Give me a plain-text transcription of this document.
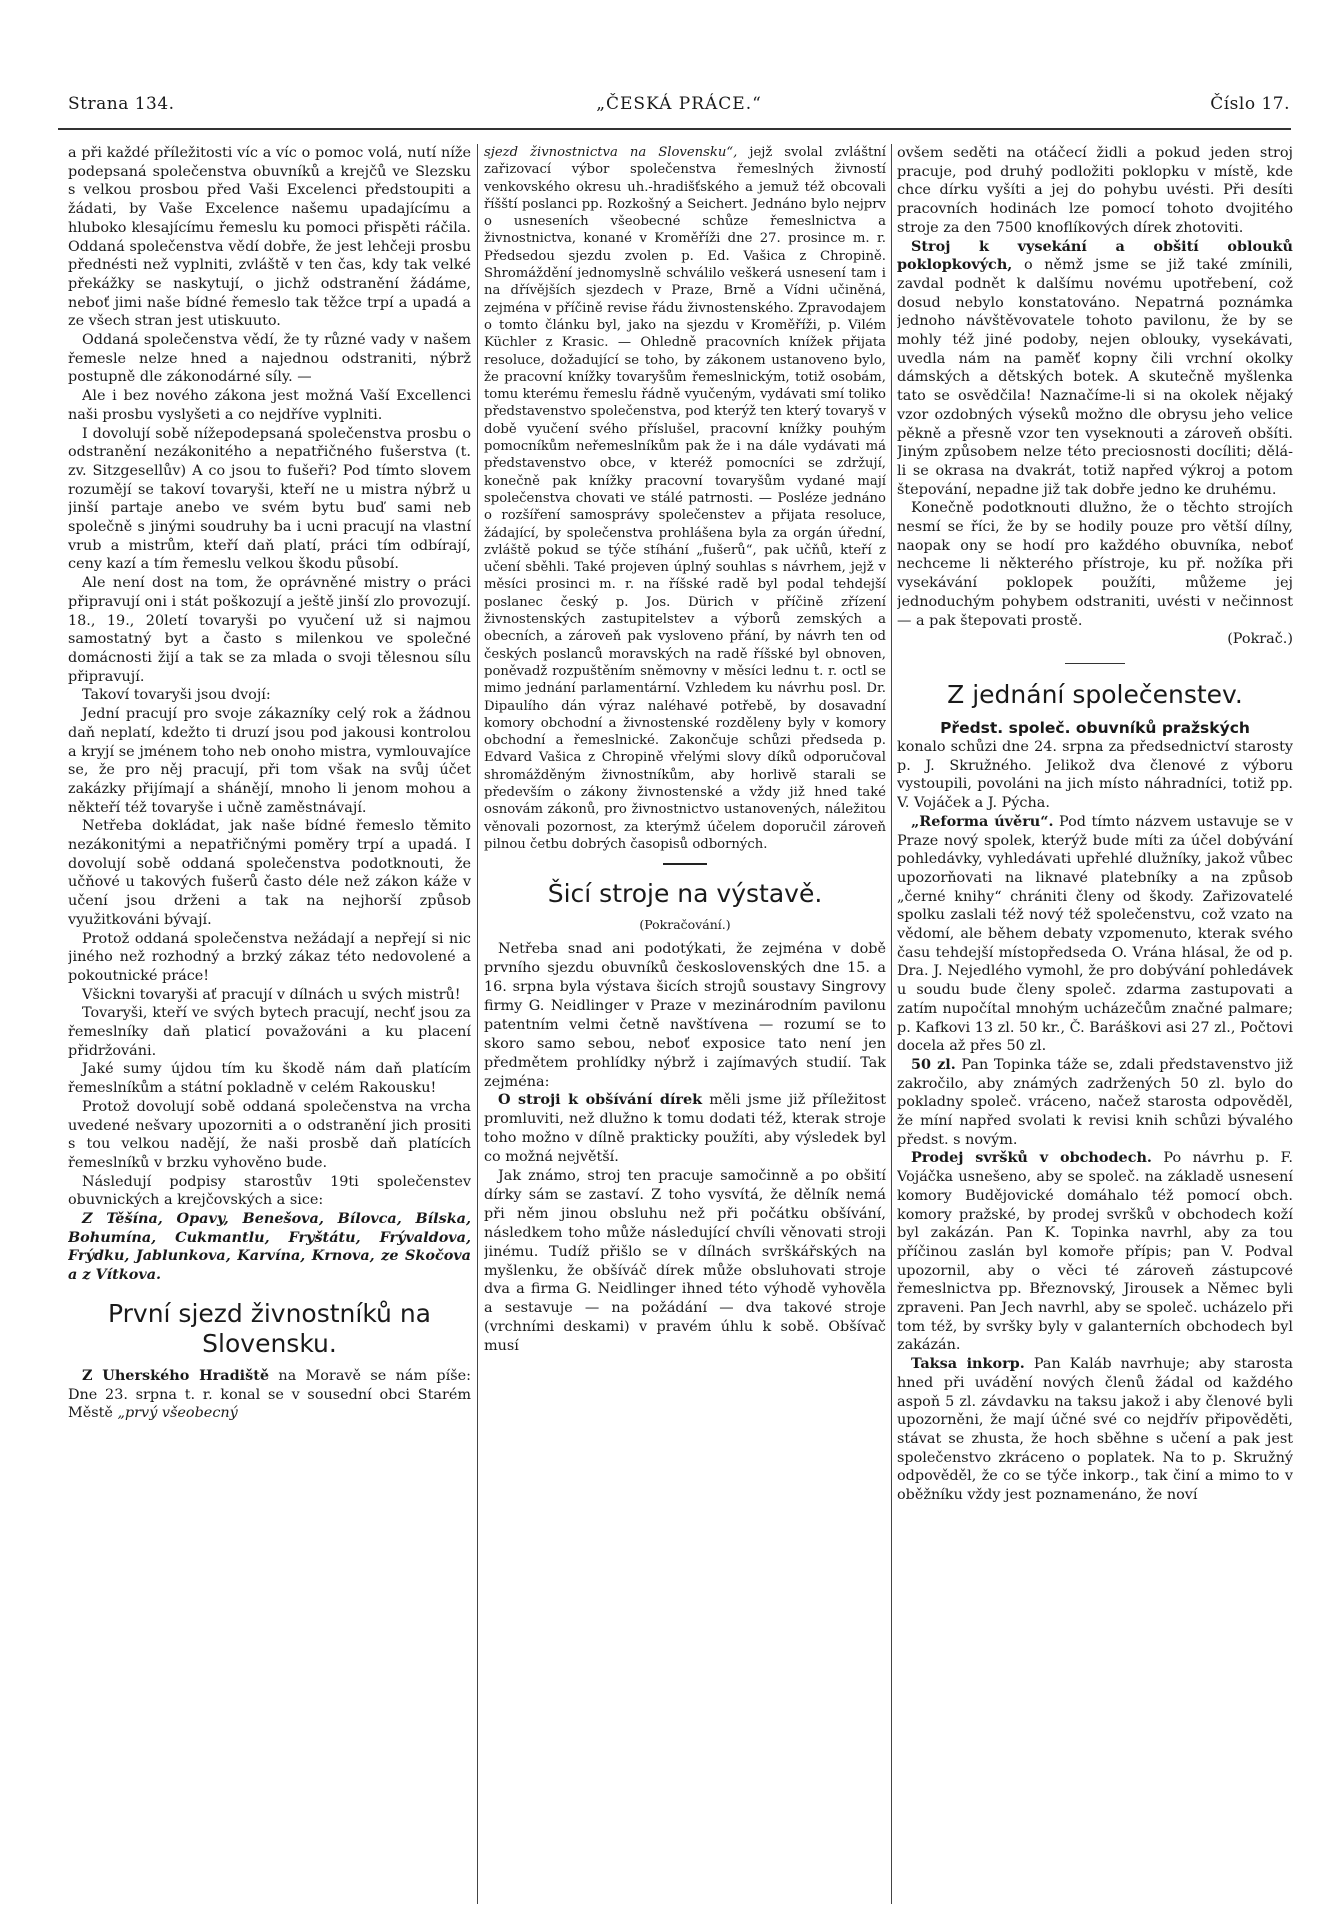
Strana 134.	„ČESKÁ PRÁCE.“	Číslo 17.

a při každé příležitosti víc a víc o pomoc volá, nutí níže podepsaná společenstva obuvníků a krejčů ve Slezsku s velkou prosbou před Vaši Excelenci předstoupiti a žádati, by Vaše Excelence našemu upadajícímu a hluboko klesajícímu řemeslu ku pomoci přispěti ráčila. Oddaná společenstva vědí dobře, že jest lehčeji prosbu přednésti než vyplniti, zvláště v ten čas, kdy tak velké překážky se naskytují, o jichž odstranění žádáme, neboť jimi naše bídné řemeslo tak těžce trpí a upadá a ze všech stran jest utiskuuto.

Oddaná společenstva vědí, že ty různé vady v našem řemesle nelze hned a najednou odstraniti, nýbrž postupně dle zákonodárné síly. —

Ale i bez nového zákona jest možná Vaší Excellenci naši prosbu vyslyšeti a co nejdříve vyplniti.

I dovolují sobě nížepodepsaná společenstva prosbu o odstranění nezákonitého a nepatřičného fušerstva (t. zv. Sitzgesellův) A co jsou to fušeři? Pod tímto slovem rozumějí se takoví tovaryši, kteří ne u mistra nýbrž u jinší partaje anebo ve svém bytu buď sami neb společně s jinými soudruhy ba i ucni pracují na vlastní vrub a mistrům, kteří daň platí, práci tím odbírají, ceny kazí a tím řemeslu velkou škodu působí.

Ale není dost na tom, že oprávněné mistry o práci připravují oni i stát poškozují a ještě jinší zlo provozují. 18., 19., 20letí tovaryši po vyučení už si najmou samostatný byt a často s milenkou ve společné domácnosti žijí a tak se za mlada o svoji tělesnou sílu připravují.

Takoví tovaryši jsou dvojí:

Jední pracují pro svoje zákazníky celý rok a žádnou daň neplatí, kdežto ti druzí jsou pod jakousi kontrolou a kryjí se jménem toho neb onoho mistra, vymlouvajíce se, že pro něj pracují, při tom však na svůj účet zakázky přijímají a shánějí, mnoho li jenom mohou a někteří též tovaryše i učně zaměstnávají.

Netřeba dokládat, jak naše bídné řemeslo těmito nezákonitými a nepatřičnými poměry trpí a upadá. I dovolují sobě oddaná společenstva podotknouti, že učňové u takových fušerů často déle než zákon káže v učení jsou drženi a tak na nejhorší způsob využitkováni bývají.

Protož oddaná společenstva nežádají a nepřejí si nic jiného než rozhodný a brzký zákaz této nedovolené a pokoutnické práce!

Všickni tovaryši ať pracují v dílnách u svých mistrů!

Tovaryši, kteří ve svých bytech pracují, nechť jsou za řemeslníky daň platicí považováni a ku placení přidržováni.

Jaké sumy újdou tím ku škodě nám daň platícím řemeslníkům a státní pokladně v celém Rakousku!

Protož dovolují sobě oddaná společenstva na vrcha uvedené nešvary upozorniti a o odstranění jich prositi s tou velkou nadějí, že naši prosbě daň platících řemeslníků v brzku vyhověno bude.

Následují podpisy starostův 19ti společenstev obuvnických a krejčovských a sice:

Z Těšína, Opavy, Benešova, Bílovca, Bílska, Bohumína, Cukmantlu, Fryštátu, Frývaldova, Frýdku, Jablunkova, Karvína, Krnova, ze Skočova a z Vítkova.

První sjezd živnostníků na Slovensku.

Z Uherského Hradiště na Moravě se nám píše: Dne 23. srpna t. r. konal se v sousední obci Starém Městě „prvý všeobecný

sjezd živnostnictva na Slovensku“, jejž svolal zvláštní zařizovací výbor společenstva řemeslných živností venkovského okresu uh.-hradišťského a jemuž též obcovali říšští poslanci pp. Rozkošný a Seichert. Jednáno bylo nejprv o usneseních všeobecné schůze řemeslnictva a živnostnictva, konané v Kroměříži dne 27. prosince m. r. Předsedou sjezdu zvolen p. Ed. Vašica z Chropině. Shromáždění jednomyslně schválilo veškerá usnesení tam i na dřívějších sjezdech v Praze, Brně a Vídni učiněná, zejména v příčině revise řádu živnostenského. Zpravodajem o tomto článku byl, jako na sjezdu v Kroměříži, p. Vilém Küchler z Krasic. — Ohledně pracovních knížek přijata resoluce, dožadující se toho, by zákonem ustanoveno bylo, že pracovní knížky tovaryšům řemeslnickým, totiž osobám, tomu kterému řemeslu řádně vyučeným, vydávati smí toliko představenstvo společenstva, pod kterýž ten který tovaryš v době vyučení svého příslušel, pracovní knížky pouhým pomocníkům neřemeslníkům pak že i na dále vydávati má představenstvo obce, v kteréž pomocníci se zdržují, konečně pak knížky pracovní tovaryšům vydané mají společenstva chovati ve stálé patrnosti. — Posléze jednáno o rozšíření samosprávy společenstev a přijata resoluce, žádající, by společenstva prohlášena byla za orgán úřední, zvláště pokud se týče stíhání „fušerů“, pak učňů, kteří z učení sběhli. Také projeven úplný souhlas s návrhem, jejž v měsíci prosinci m. r. na říšské radě byl podal tehdejší poslanec český p. Jos. Dürich v příčině zřízení živnostenských zastupitelstev a výborů zemských a obecních, a zároveň pak vysloveno přání, by návrh ten od českých poslanců moravských na radě říšské byl obnoven, poněvadž rozpuštěním sněmovny v měsíci lednu t. r. octl se mimo jednání parlamentární. Vzhledem ku návrhu posl. Dr. Dipaulího dán výraz naléhavé potřebě, by dosavadní komory obchodní a živnostenské rozděleny byly v komory obchodní a řemeslnické. Zakončuje schůzi předseda p. Edvard Vašica z Chropině vřelými slovy díků odporučoval shromážděným živnostníkům, aby horlivě starali se především o zákony živnostenské a vždy již hned také osnovám zákonů, pro živnostnictvo ustanovených, náležitou věnovali pozornost, za kterýmž účelem doporučil zároveň pilnou četbu dobrých časopisů odborných.

Šicí stroje na výstavě.
(Pokračování.)

Netřeba snad ani podotýkati, že zejména v době prvního sjezdu obuvníků československých dne 15. a 16. srpna byla výstava šicích strojů soustavy Singrovy firmy G. Neidlinger v Praze v mezinárodním pavilonu patentním velmi četně navštívena — rozumí se to skoro samo sebou, neboť exposice tato není jen předmětem prohlídky nýbrž i zajímavých studií. Tak zejména:

O stroji k obšívání dírek měli jsme již příležitost promluviti, než dlužno k tomu dodati též, kterak stroje toho možno v dílně prakticky použíti, aby výsledek byl co možná největší.

Jak známo, stroj ten pracuje samočinně a po obšití dírky sám se zastaví. Z toho vysvítá, že dělník nemá při něm jinou obsluhu než při počátku obšívání, následkem toho může následující chvíli věnovati stroji jinému. Tudíž přišlo se v dílnách svrškářských na myšlenku, že obšíváč dírek může obsluhovati stroje dva a firma G. Neidlinger ihned této výhodě vyhověla a sestavuje — na požádání — dva takové stroje (vrchními deskami) v pravém úhlu k sobě. Obšívač musí

ovšem seděti na otáčecí židli a pokud jeden stroj pracuje, pod druhý podložiti poklopku v místě, kde chce dírku vyšíti a jej do pohybu uvésti. Při desíti pracovních hodinách lze pomocí tohoto dvojitého stroje za den 7500 knoflíkových dírek zhotoviti.

Stroj k vysekání a obšití oblouků poklopkových, o němž jsme se již také zmínili, zavdal podnět k dalšímu novému upotřebení, což dosud nebylo konstatováno. Nepatrná poznámka jednoho návštěvovatele tohoto pavilonu, že by se mohly též jiné podoby, nejen oblouky, vysekávati, uvedla nám na paměť kopny čili vrchní okolky dámských a dětských botek. A skutečně myšlenka tato se osvědčila! Naznačíme-li si na okolek nějaký vzor ozdobných výseků možno dle obrysu jeho velice pěkně a přesně vzor ten vyseknouti a zároveň obšíti. Jiným způsobem nelze této preciosnosti docíliti; dělá-li se okrasa na dvakrát, totiž napřed výkroj a potom štepování, nepadne již tak dobře jedno ke druhému.

Konečně podotknouti dlužno, že o těchto strojích nesmí se říci, že by se hodily pouze pro větší dílny, naopak ony se hodí pro každého obuvníka, neboť nechceme li některého přístroje, ku př. nožíka při vysekávání poklopek použíti, můžeme jej jednoduchým pohybem odstraniti, uvésti v nečinnost — a pak štepovati prostě.

(Pokrač.)

Z jednání společenstev.

Předst. společ. obuvníků pražských

konalo schůzi dne 24. srpna za předsednictví starosty p. J. Skružného. Jelikož dva členové z výboru vystoupili, povoláni na jich místo náhradníci, totiž pp. V. Vojáček a J. Pýcha.

„Reforma úvěru“. Pod tímto názvem ustavuje se v Praze nový spolek, kterýž bude míti za účel dobývání pohledávky, vyhledávati upřehlé dlužníky, jakož vůbec upozorňovati na liknavé platebníky a na způsob „černé knihy“ chrániti členy od škody. Zařizovatelé spolku zaslali též nový též společenstvu, což vzato na vědomí, ale během debaty vzpomenuto, kterak svého času tehdejší místopředseda O. Vrána hlásal, že od p. Dra. J. Nejedlého vymohl, že pro dobývání pohledávek u soudu bude členy společ. zdarma zastupovati a zatím nupočítal mnohým ucházečům značné palmare; p. Kafkovi 13 zl. 50 kr., Č. Baráškovi asi 27 zl., Počtovi docela až přes 50 zl.

50 zl. Pan Topinka táže se, zdali představenstvo již zakročilo, aby známých zadržených 50 zl. bylo do pokladny společ. vráceno, načež starosta odpověděl, že míní napřed svolati k revisi knih schůzi bývalého předst. s novým.

Prodej svršků v obchodech. Po návrhu p. F. Vojáčka usnešeno, aby se společ. na základě usnesení komory Budějovické domáhalo též pomocí obch. komory pražské, by prodej svršků v obchodech koží byl zakázán. Pan K. Topinka navrhl, aby za tou příčinou zaslán byl komoře přípis; pan V. Podval upozornil, aby o věci té zároveň zástupcové řemeslnictva pp. Březnovský, Jirousek a Němec byli zpraveni. Pan Jech navrhl, aby se společ. ucházelo při tom též, by svršky byly v galanterních obchodech byl zakázán.

Taksa inkorp. Pan Kaláb navrhuje; aby starosta hned při uvádění nových členů žádal od každého aspoň 5 zl. závdavku na taksu jakož i aby členové byli upozorněni, že mají účné své co nejdřív připověděti, stávat se zhusta, že hoch sběhne s učení a pak jest společenstvo zkráceno o poplatek. Na to p. Skružný odpověděl, že co se týče inkorp., tak činí a mimo to v oběžníku vždy jest poznamenáno, že noví
